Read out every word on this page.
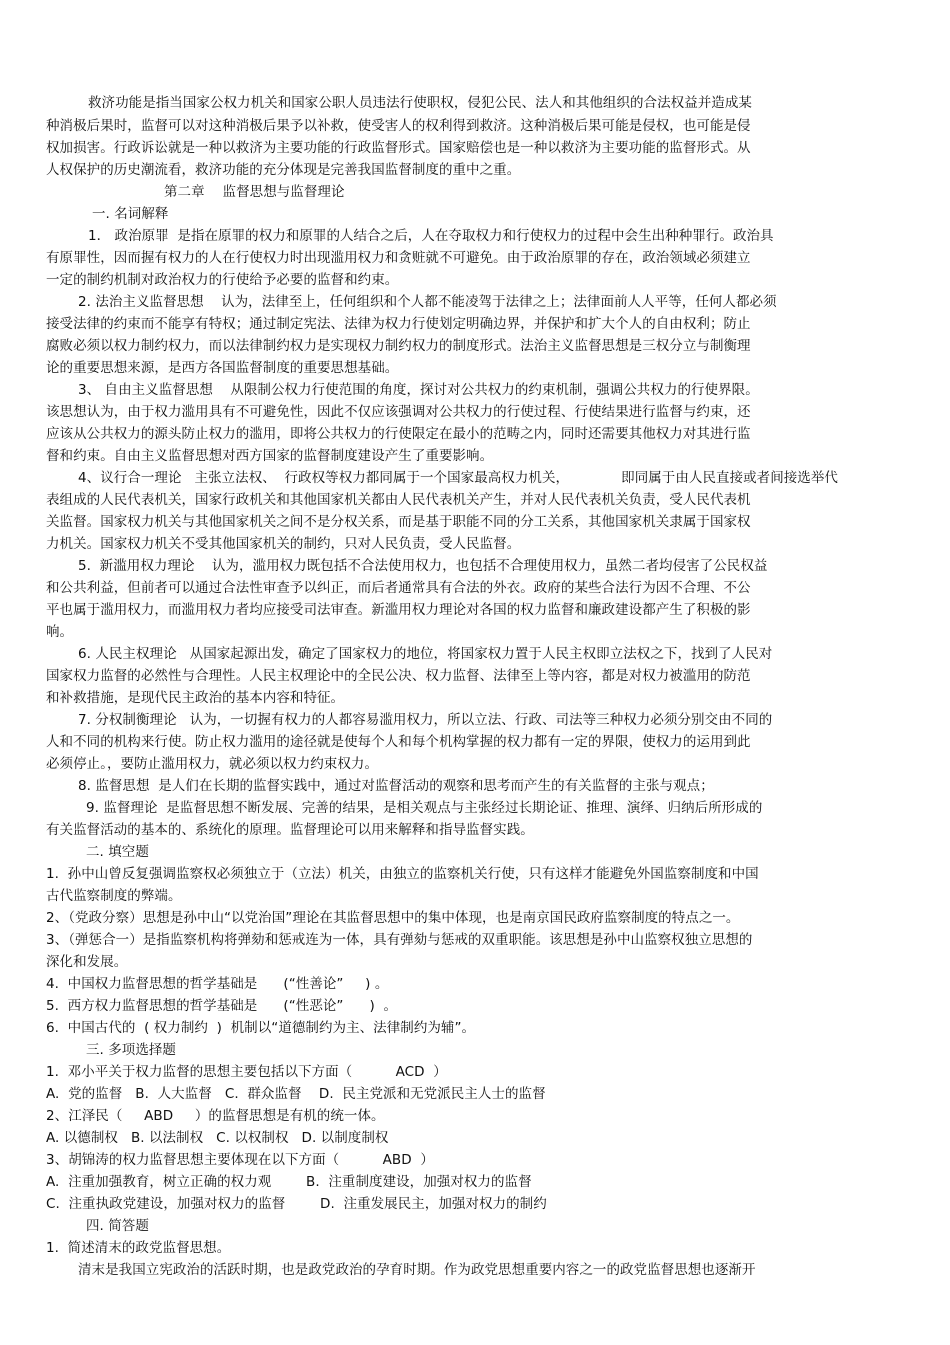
救济功能是指当国家公权力机关和国家公职人员违法行使职权，侵犯公民、法人和其他组织的合法权益并造成某
种消极后果时，监督可以对这种消极后果予以补救，使受害人的权利得到救济。这种消极后果可能是侵权，也可能是侵
权加损害。行政诉讼就是一种以救济为主要功能的行政监督形式。国家赔偿也是一种以救济为主要功能的监督形式。从
人权保护的历史潮流看，救济功能的充分体现是完善我国监督制度的重中之重。
第二章　 监督思想与监督理论
一. 名词解释
1． 政治原罪  是指在原罪的权力和原罪的人结合之后，人在夺取权力和行使权力的过程中会生出种种罪行。政治具
有原罪性，因而握有权力的人在行使权力时出现滥用权力和贪赃就不可避免。由于政治原罪的存在，政治领域必须建立
一定的制约机制对政治权力的行使给予必要的监督和约束。
2. 法治主义监督思想    认为，法律至上，任何组织和个人都不能凌驾于法律之上；法律面前人人平等，任何人都必须
接受法律的约束而不能享有特权；通过制定宪法、法律为权力行使划定明确边界，并保护和扩大个人的自由权利；防止
腐败必须以权力制约权力，而以法律制约权力是实现权力制约权力的制度形式。法治主义监督思想是三权分立与制衡理
论的重要思想来源，是西方各国监督制度的重要思想基础。
3、 自由主义监督思想    从限制公权力行使范围的角度，探讨对公共权力的约束机制，强调公共权力的行使界限。
该思想认为，由于权力滥用具有不可避免性，因此不仅应该强调对公共权力的行使过程、行使结果进行监督与约束，还
应该从公共权力的源头防止权力的滥用，即将公共权力的行使限定在最小的范畴之内，同时还需要其他权力对其进行监
督和约束。自由主义监督思想对西方国家的监督制度建设产生了重要影响。
4、议行合一理论   主张立法权、  行政权等权力都同属于一个国家最高权力机关，            即同属于由人民直接或者间接选举代
表组成的人民代表机关，国家行政机关和其他国家机关都由人民代表机关产生，并对人民代表机关负责，受人民代表机
关监督。国家权力机关与其他国家机关之间不是分权关系，而是基于职能不同的分工关系，其他国家机关隶属于国家权
力机关。国家权力机关不受其他国家机关的制约，只对人民负责，受人民监督。
5.  新滥用权力理论    认为，滥用权力既包括不合法使用权力，也包括不合理使用权力，虽然二者均侵害了公民权益
和公共利益，但前者可以通过合法性审查予以纠正，而后者通常具有合法的外衣。政府的某些合法行为因不合理、不公
平也属于滥用权力，而滥用权力者均应接受司法审查。新滥用权力理论对各国的权力监督和廉政建设都产生了积极的影
响。
6. 人民主权理论   从国家起源出发，确定了国家权力的地位，将国家权力置于人民主权即立法权之下，找到了人民对
国家权力监督的必然性与合理性。人民主权理论中的全民公决、权力监督、法律至上等内容，都是对权力被滥用的防范
和补救措施，是现代民主政治的基本内容和特征。
7. 分权制衡理论   认为，一切握有权力的人都容易滥用权力，所以立法、行政、司法等三种权力必须分别交由不同的
人和不同的机构来行使。防止权力滥用的途径就是使每个人和每个机构掌握的权力都有一定的界限，使权力的运用到此
必须停止。，要防止滥用权力，就必须以权力约束权力。
8. 监督思想  是人们在长期的监督实践中，通过对监督活动的观察和思考而产生的有关监督的主张与观点；
9. 监督理论  是监督思想不断发展、完善的结果，是相关观点与主张经过长期论证、推理、演绎、归纳后所形成的
有关监督活动的基本的、系统化的原理。监督理论可以用来解释和指导监督实践。
二. 填空题
1.  孙中山曾反复强调监察权必须独立于（立法）机关，由独立的监察机关行使，只有这样才能避免外国监察制度和中国
古代监察制度的弊端。
2、（党政分察）思想是孙中山“以党治国”理论在其监督思想中的集中体现，也是南京国民政府监察制度的特点之一。
3、（弹惩合一）是指监察机构将弹劾和惩戒连为一体，具有弹劾与惩戒的双重职能。该思想是孙中山监察权独立思想的
深化和发展。
4.  中国权力监督思想的哲学基础是      (“性善论”     ) 。
5.  西方权力监督思想的哲学基础是      (“性恶论”      )  。
6.  中国古代的  ( 权力制约  )  机制以“道德制约为主、法律制约为辅”。
三. 多项选择题
1.  邓小平关于权力监督的思想主要包括以下方面（          ACD  ）
A.  党的监督   B.  人大监督   C.  群众监督    D.  民主党派和无党派民主人士的监督
2、江泽民（     ABD     ）的监督思想是有机的统一体。
A. 以德制权   B. 以法制权   C. 以权制权   D. 以制度制权
3、胡锦涛的权力监督思想主要体现在以下方面（          ABD  ）
A.  注重加强教育，树立正确的权力观        B.  注重制度建设，加强对权力的监督
C.  注重执政党建设，加强对权力的监督        D.  注重发展民主，加强对权力的制约
四. 简答题
1.  简述清末的政党监督思想。
清末是我国立宪政治的活跃时期，也是政党政治的孕育时期。作为政党思想重要内容之一的政党监督思想也逐渐开
